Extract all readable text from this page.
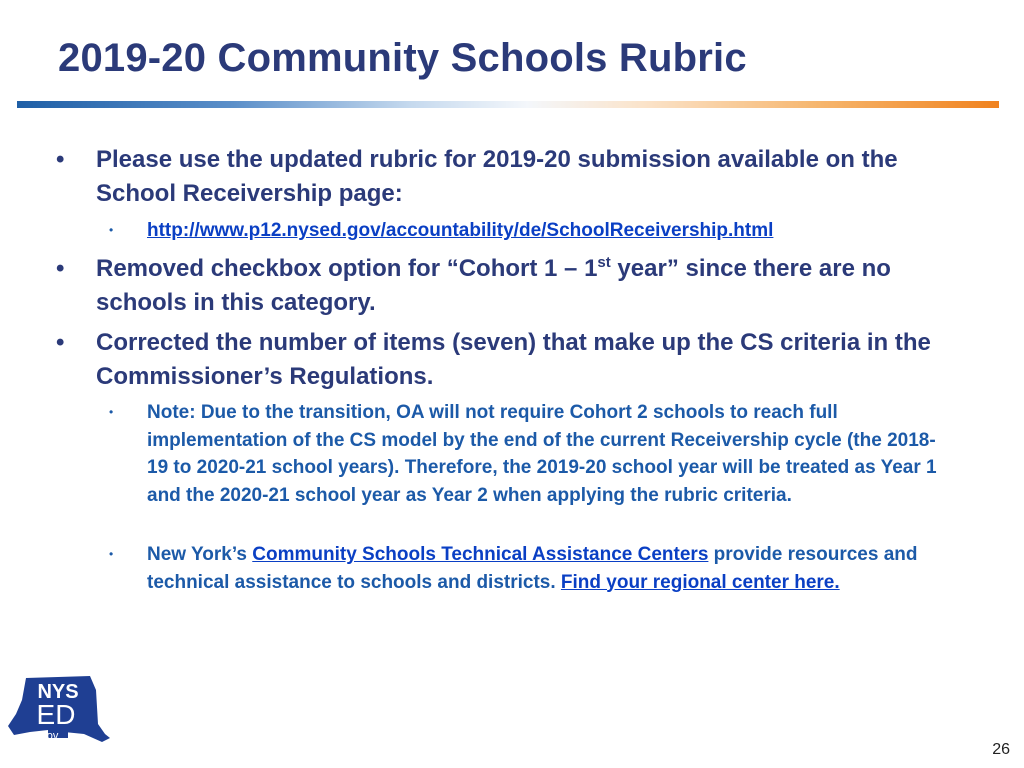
2019-20 Community Schools Rubric
•	Please use the updated rubric for 2019-20 submission available on the School Receivership page:
•	http://www.p12.nysed.gov/accountability/de/SchoolReceivership.html
•	Removed checkbox option for “Cohort 1 – 1st year” since there are no schools in this category.
•	Corrected the number of items (seven) that make up the CS criteria in the Commissioner’s Regulations.
•	Note: Due to the transition, OA will not require Cohort 2 schools to reach full implementation of the CS model by the end of the current Receivership cycle (the 2018-19 to 2020-21 school years). Therefore, the 2019-20 school year will be treated as Year 1 and the 2020-21 school year as Year 2 when applying the rubric criteria.
•	New York’s Community Schools Technical Assistance Centers provide resources and technical assistance to schools and districts. Find your regional center here.
NYS
ED
.gov
26
